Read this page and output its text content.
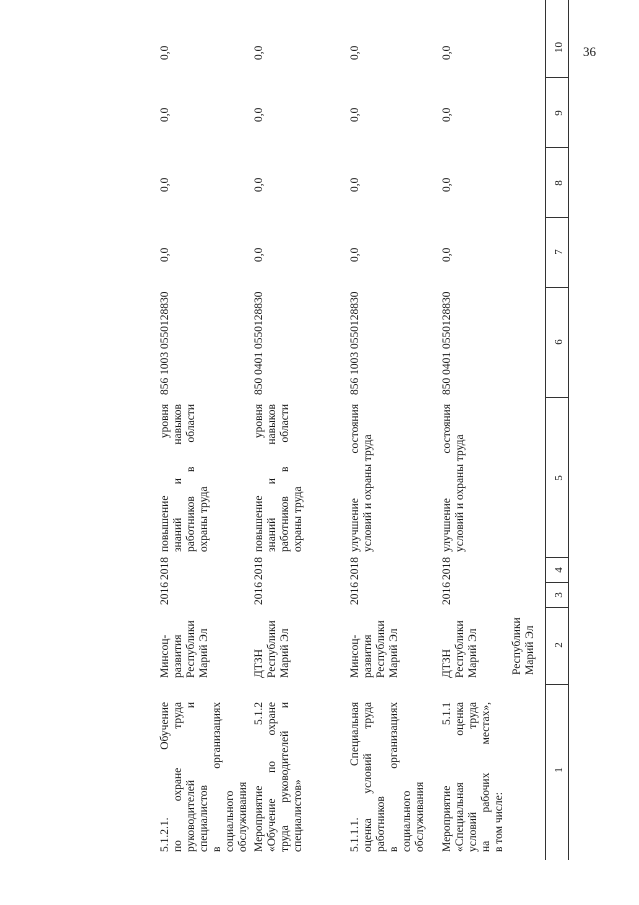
36
1
2
3
4
5
6
7
8
9
10
Республики Марий Эл

Мероприятие 5.1.1 «Специальная оценка условий труда на рабочих местах», в том числе:

ДТЗН Республики Марий Эл

2016
2018

улучшение состояния условий и охраны труда

850 0401 0550128830
0,0
0,0
0,0
0,0

5.1.1.1. Специальная оценка условий труда работников в организациях социального обслуживания

Минсоц- развития Республики Марий Эл

2016
2018

улучшение состояния условий и охраны труда

856 1003 0550128830
0,0
0,0
0,0
0,0

Мероприятие 5.1.2 «Обучение по охране труда руководителей и специалистов»

ДТЗН Республики Марий Эл

2016
2018

повышение уровня знаний и навыков работников в области охраны труда

850 0401 0550128830
0,0
0,0
0,0
0,0

5.1.2.1. Обучение по охране труда руководителей и специалистов в организациях социального обслуживания

Минсоц- развития Республики Марий Эл

2016
2018

повышение уровня знаний и навыков работников в области охраны труда

856 1003 0550128830
0,0
0,0
0,0
0,0
